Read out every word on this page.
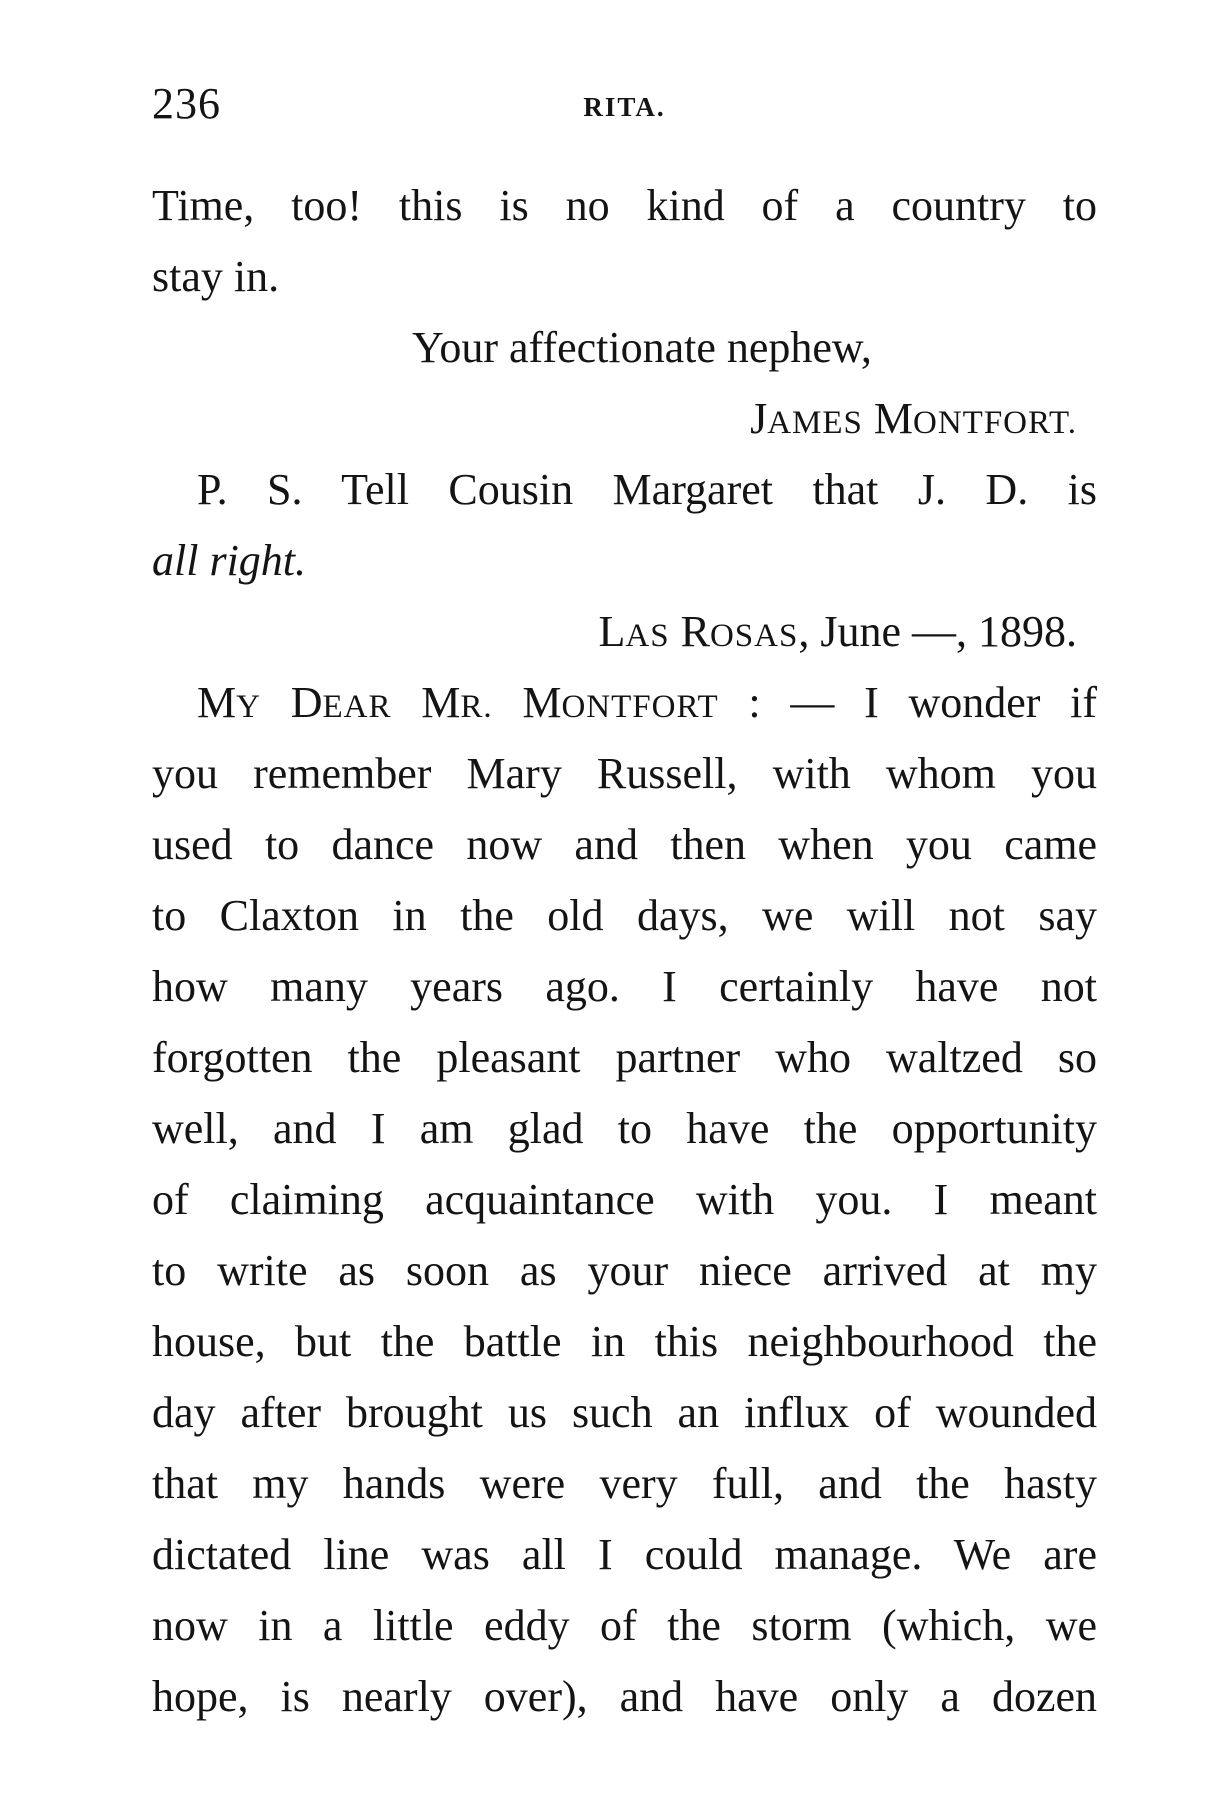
236	RITA.
Time, too! this is no kind of a country to
stay in.
Your affectionate nephew,
JAMES MONTFORT.
P. S. Tell Cousin Margaret that J. D. is
all right.
LAS ROSAS, June —, 1898.
MY DEAR MR. MONTFORT : — I wonder if
you remember Mary Russell, with whom you
used to dance now and then when you came
to Claxton in the old days, we will not say
how many years ago. I certainly have not
forgotten the pleasant partner who waltzed so
well, and I am glad to have the opportunity
of claiming acquaintance with you. I meant
to write as soon as your niece arrived at my
house, but the battle in this neighbourhood the
day after brought us such an influx of wounded
that my hands were very full, and the hasty
dictated line was all I could manage. We are
now in a little eddy of the storm (which, we
hope, is nearly over), and have only a dozen
